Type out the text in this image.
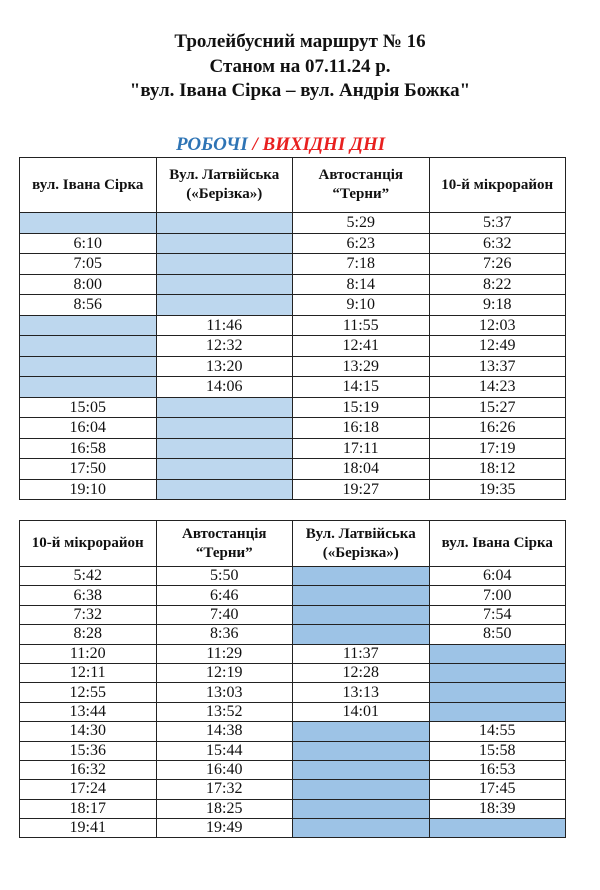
Тролейбусний маршрут № 16
Станом на 07.11.24 р.
"вул. Івана Сірка – вул. Андрія Божка"
РОБОЧІ / ВИХІДНІ ДНІ
вул. Івана Сірка	Вул. Латвійська («Берізка»)	Автостанція “Терни”	10-й мікрорайон
		5:29	5:37
6:10		6:23	6:32
7:05		7:18	7:26
8:00		8:14	8:22
8:56		9:10	9:18
	11:46	11:55	12:03
	12:32	12:41	12:49
	13:20	13:29	13:37
	14:06	14:15	14:23
15:05		15:19	15:27
16:04		16:18	16:26
16:58		17:11	17:19
17:50		18:04	18:12
19:10		19:27	19:35
10-й мікрорайон	Автостанція “Терни”	Вул. Латвійська («Берізка»)	вул. Івана Сірка
5:42	5:50		6:04
6:38	6:46		7:00
7:32	7:40		7:54
8:28	8:36		8:50
11:20	11:29	11:37	
12:11	12:19	12:28	
12:55	13:03	13:13	
13:44	13:52	14:01	
14:30	14:38		14:55
15:36	15:44		15:58
16:32	16:40		16:53
17:24	17:32		17:45
18:17	18:25		18:39
19:41	19:49		
